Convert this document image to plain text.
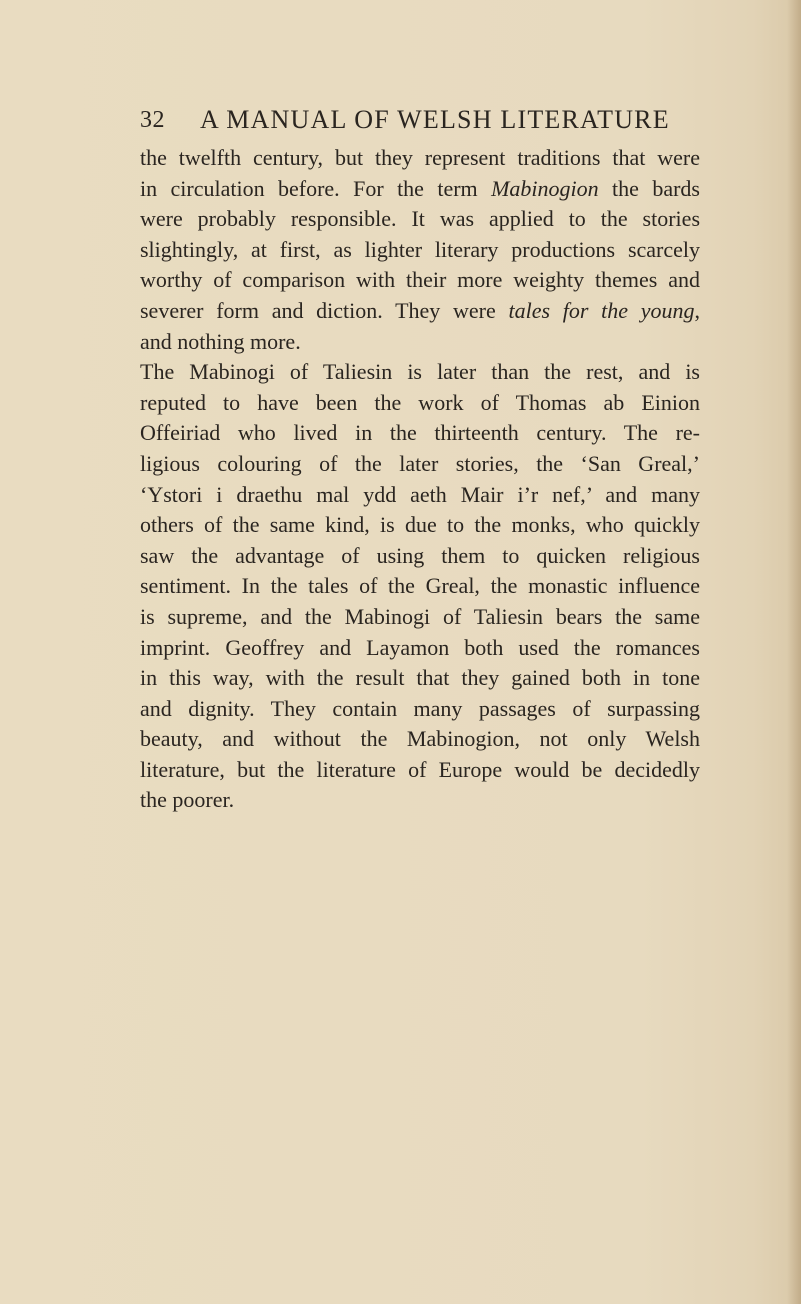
32 A MANUAL OF WELSH LITERATURE
the twelfth century, but they represent traditions that were
in circulation before. For the term Mabinogion the bards
were probably responsible. It was applied to the stories
slightingly, at first, as lighter literary productions scarcely
worthy of comparison with their more weighty themes and
severer form and diction. They were tales for the young,
and nothing more.
The Mabinogi of Taliesin is later than the rest, and is
reputed to have been the work of Thomas ab Einion
Offeiriad who lived in the thirteenth century. The re-
ligious colouring of the later stories, the ‘San Greal,’
‘Ystori i draethu mal ydd aeth Mair i’r nef,’ and many
others of the same kind, is due to the monks, who quickly
saw the advantage of using them to quicken religious
sentiment. In the tales of the Greal, the monastic influence
is supreme, and the Mabinogi of Taliesin bears the same
imprint. Geoffrey and Layamon both used the romances
in this way, with the result that they gained both in tone
and dignity. They contain many passages of surpassing
beauty, and without the Mabinogion, not only Welsh
literature, but the literature of Europe would be decidedly
the poorer.
